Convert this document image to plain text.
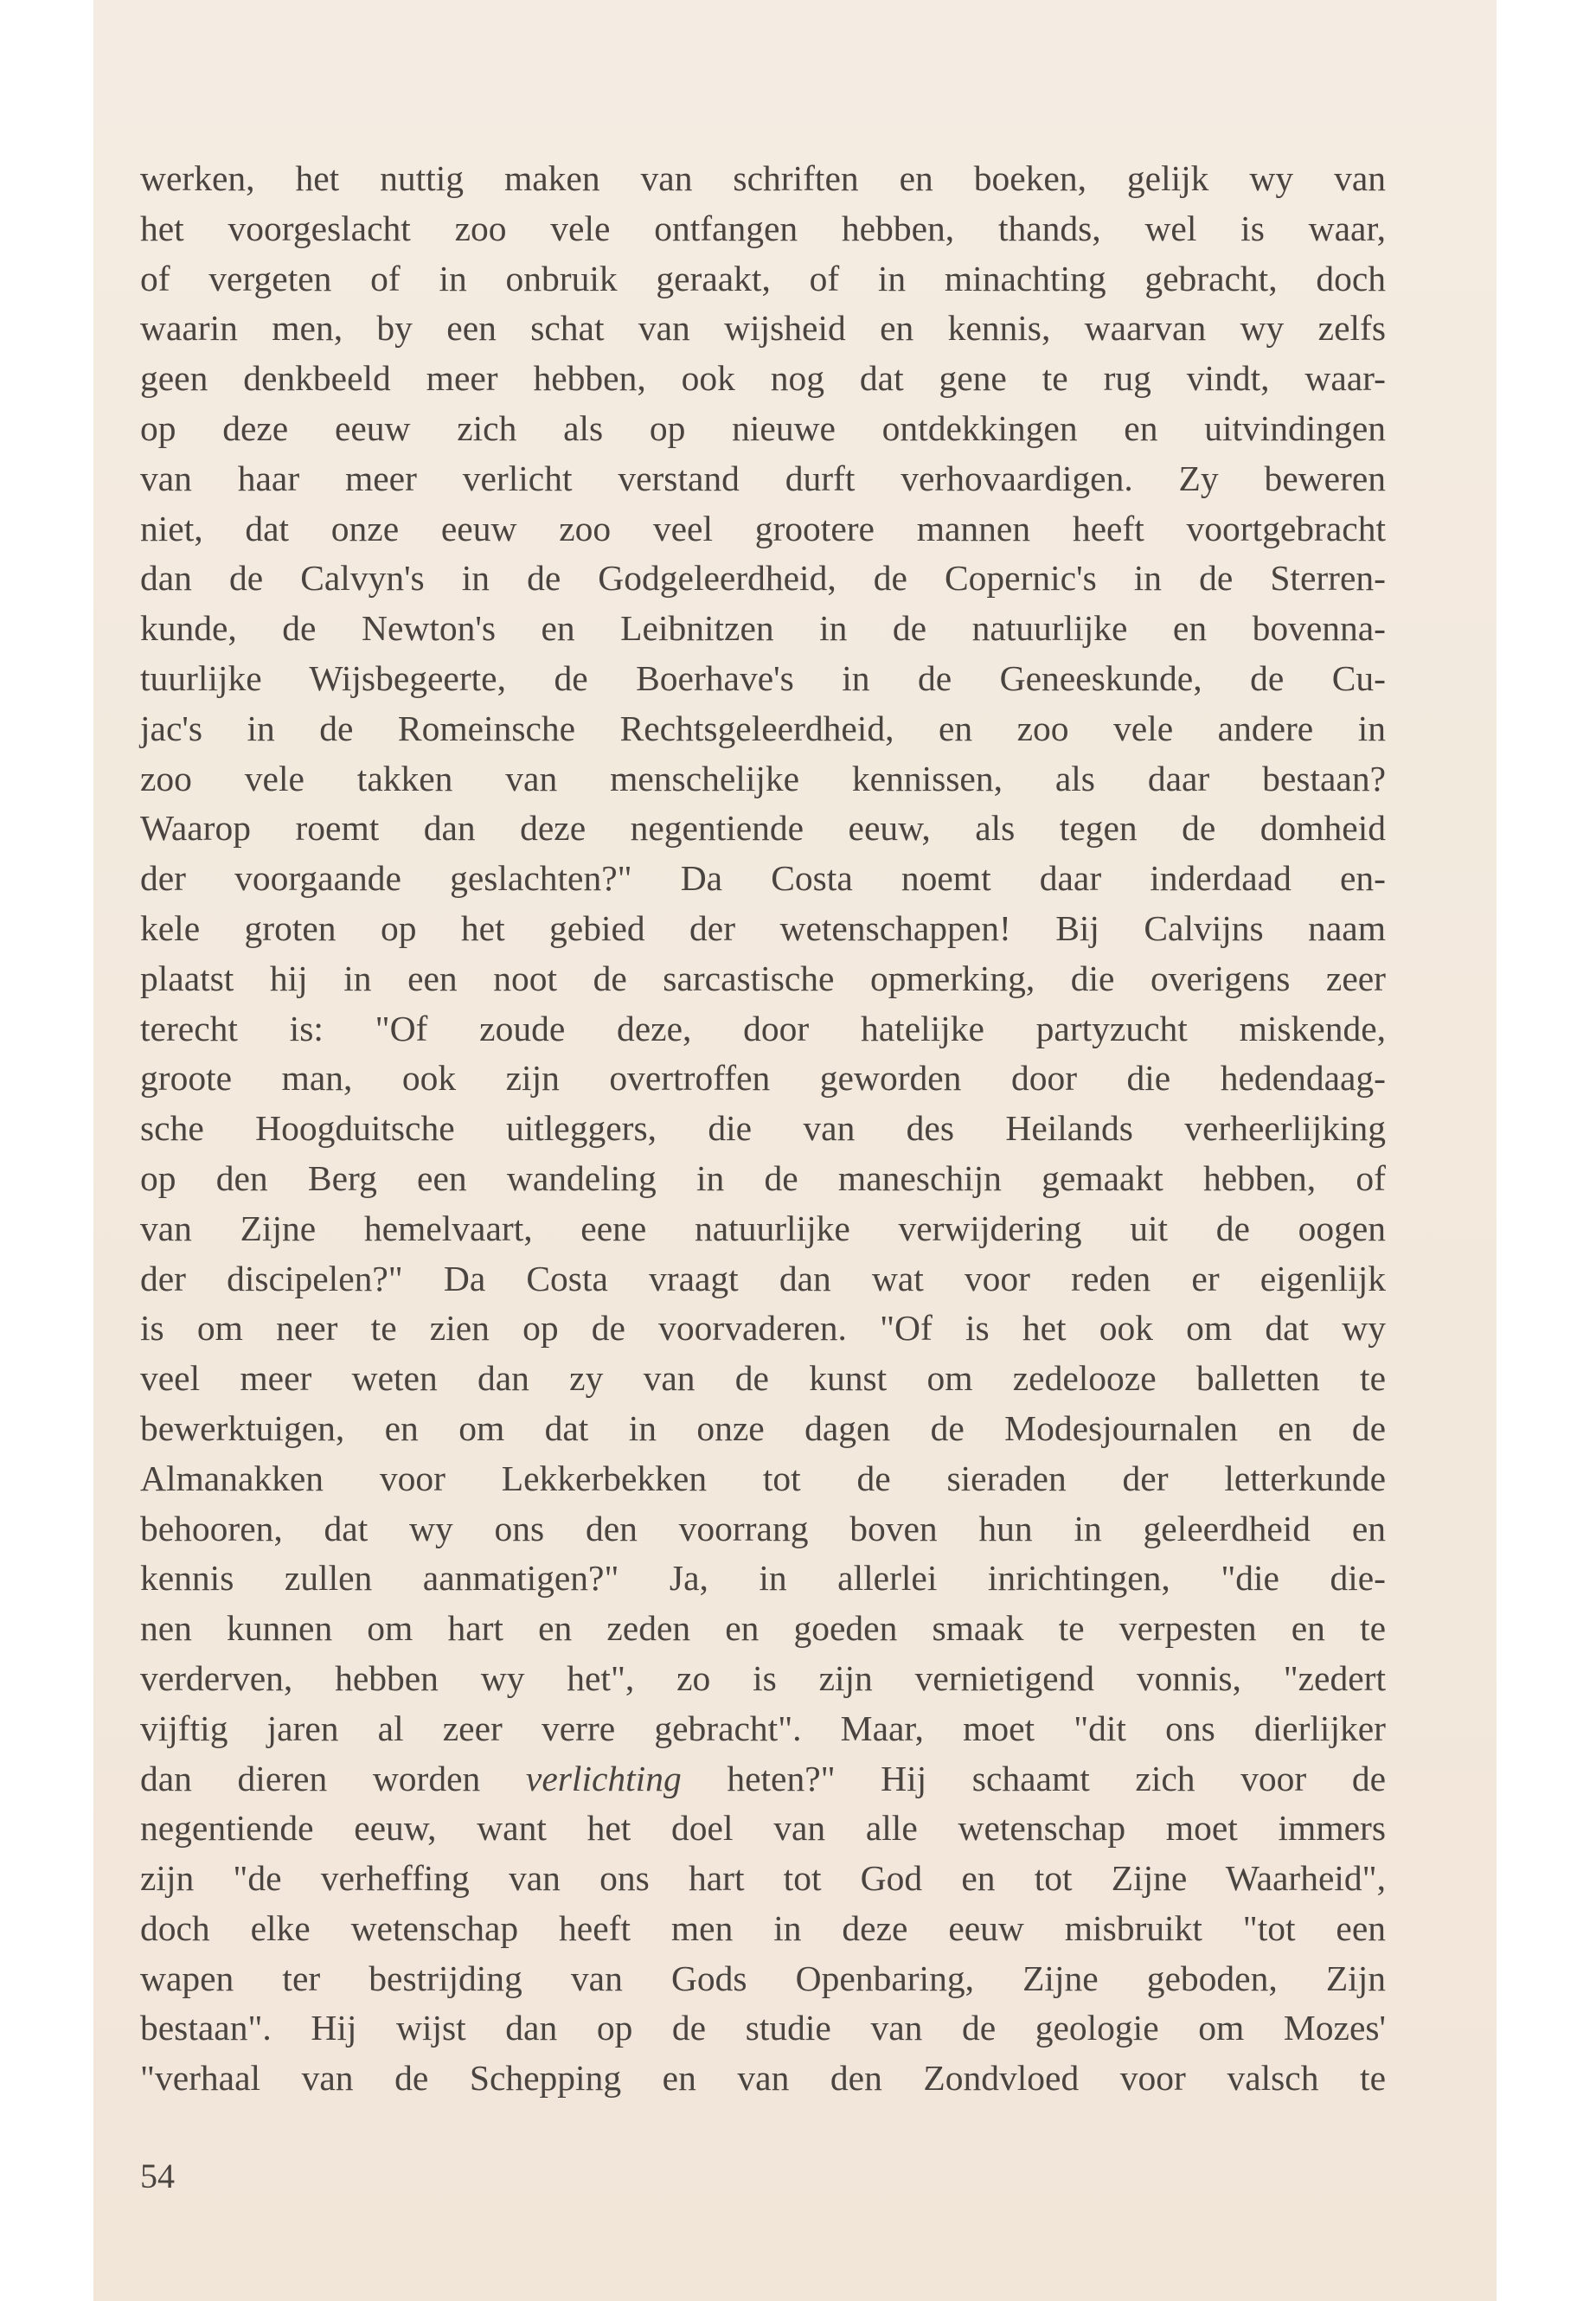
werken, het nuttig maken van schriften en boeken, gelijk wy van
het voorgeslacht zoo vele ontfangen hebben, thands, wel is waar,
of vergeten of in onbruik geraakt, of in minachting gebracht, doch
waarin men, by een schat van wijsheid en kennis, waarvan wy zelfs
geen denkbeeld meer hebben, ook nog dat gene te rug vindt, waar-
op deze eeuw zich als op nieuwe ontdekkingen en uitvindingen
van haar meer verlicht verstand durft verhovaardigen. Zy beweren
niet, dat onze eeuw zoo veel grootere mannen heeft voortgebracht
dan de Calvyn's in de Godgeleerdheid, de Copernic's in de Sterren-
kunde, de Newton's en Leibnitzen in de natuurlijke en bovenna-
tuurlijke Wijsbegeerte, de Boerhave's in de Geneeskunde, de Cu-
jac's in de Romeinsche Rechtsgeleerdheid, en zoo vele andere in
zoo vele takken van menschelijke kennissen, als daar bestaan?
Waarop roemt dan deze negentiende eeuw, als tegen de domheid
der voorgaande geslachten?" Da Costa noemt daar inderdaad en-
kele groten op het gebied der wetenschappen! Bij Calvijns naam
plaatst hij in een noot de sarcastische opmerking, die overigens zeer
terecht is: "Of zoude deze, door hatelijke partyzucht miskende,
groote man, ook zijn overtroffen geworden door die hedendaag-
sche Hoogduitsche uitleggers, die van des Heilands verheerlijking
op den Berg een wandeling in de maneschijn gemaakt hebben, of
van Zijne hemelvaart, eene natuurlijke verwijdering uit de oogen
der discipelen?" Da Costa vraagt dan wat voor reden er eigenlijk
is om neer te zien op de voorvaderen. "Of is het ook om dat wy
veel meer weten dan zy van de kunst om zedelooze balletten te
bewerktuigen, en om dat in onze dagen de Modesjournalen en de
Almanakken voor Lekkerbekken tot de sieraden der letterkunde
behooren, dat wy ons den voorrang boven hun in geleerdheid en
kennis zullen aanmatigen?" Ja, in allerlei inrichtingen, "die die-
nen kunnen om hart en zeden en goeden smaak te verpesten en te
verderven, hebben wy het", zo is zijn vernietigend vonnis, "zedert
vijftig jaren al zeer verre gebracht". Maar, moet "dit ons dierlijker
dan dieren worden verlichting heten?" Hij schaamt zich voor de
negentiende eeuw, want het doel van alle wetenschap moet immers
zijn "de verheffing van ons hart tot God en tot Zijne Waarheid",
doch elke wetenschap heeft men in deze eeuw misbruikt "tot een
wapen ter bestrijding van Gods Openbaring, Zijne geboden, Zijn
bestaan". Hij wijst dan op de studie van de geologie om Mozes'
"verhaal van de Schepping en van den Zondvloed voor valsch te
54
